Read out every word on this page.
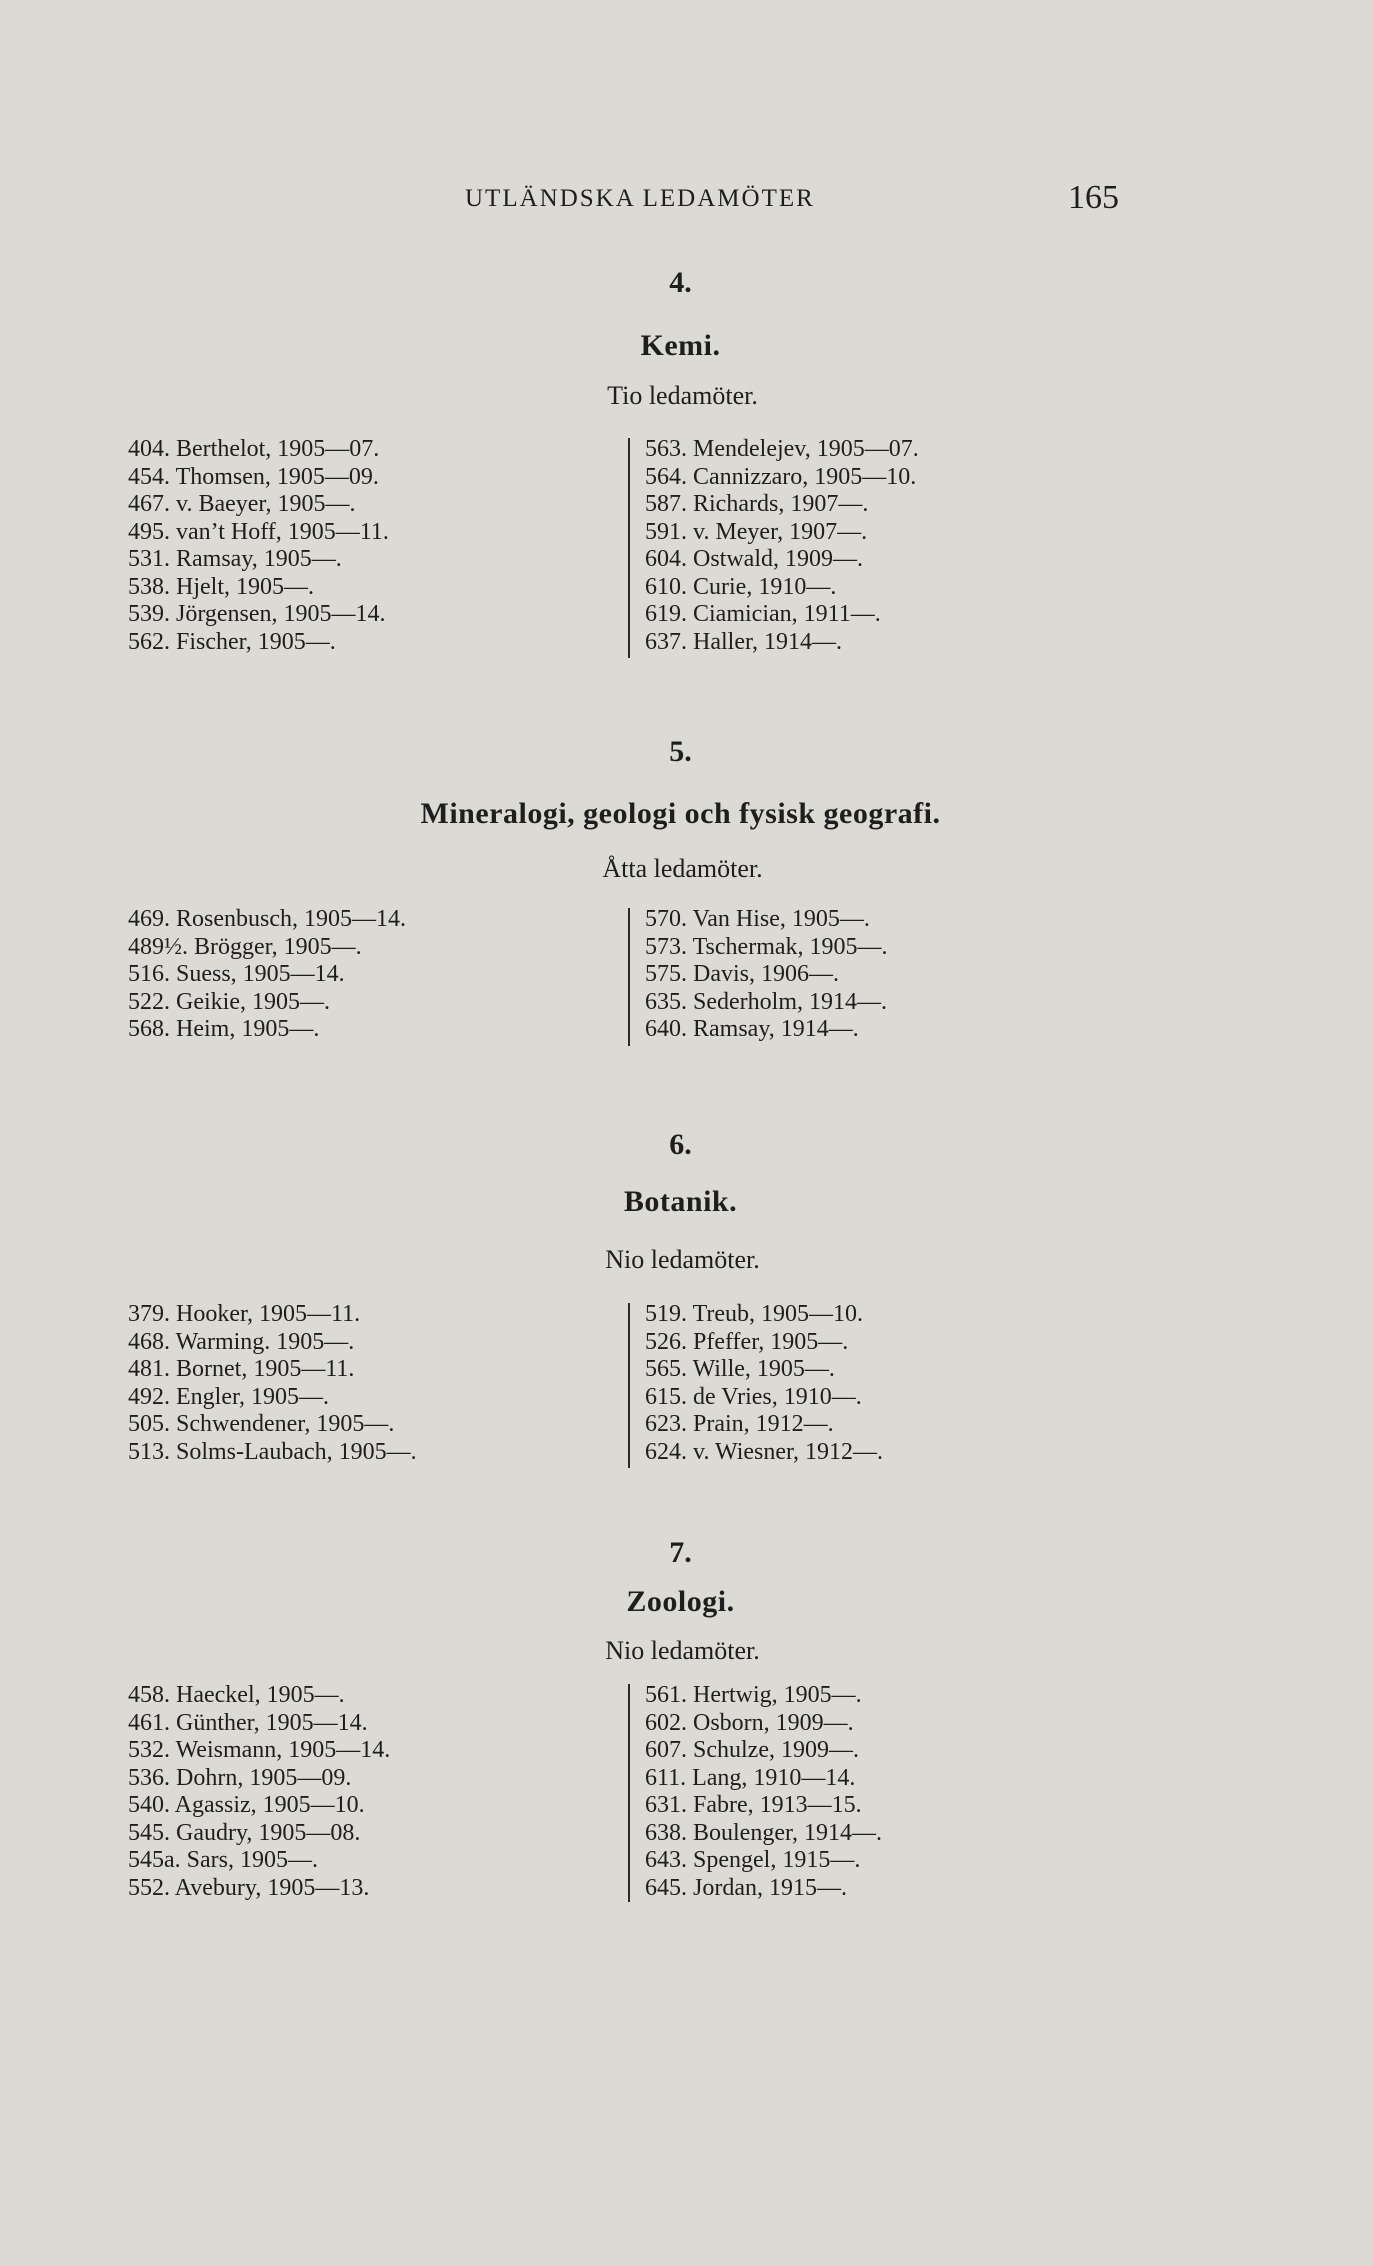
UTLÄNDSKA LEDAMÖTER	165
4.
Kemi.
Tio ledamöter.
404. Berthelot, 1905—07.
454. Thomsen, 1905—09.
467. v. Baeyer, 1905—.
495. van’t Hoff, 1905—11.
531. Ramsay, 1905—.
538. Hjelt, 1905—.
539. Jörgensen, 1905—14.
562. Fischer, 1905—.
563. Mendelejev, 1905—07.
564. Cannizzaro, 1905—10.
587. Richards, 1907—.
591. v. Meyer, 1907—.
604. Ostwald, 1909—.
610. Curie, 1910—.
619. Ciamician, 1911—.
637. Haller, 1914—.
5.
Mineralogi, geologi och fysisk geografi.
Åtta ledamöter.
469. Rosenbusch, 1905—14.
489½. Brögger, 1905—.
516. Suess, 1905—14.
522. Geikie, 1905—.
568. Heim, 1905—.
570. Van Hise, 1905—.
573. Tschermak, 1905—.
575. Davis, 1906—.
635. Sederholm, 1914—.
640. Ramsay, 1914—.
6.
Botanik.
Nio ledamöter.
379. Hooker, 1905—11.
468. Warming. 1905—.
481. Bornet, 1905—11.
492. Engler, 1905—.
505. Schwendener, 1905—.
513. Solms-Laubach, 1905—.
519. Treub, 1905—10.
526. Pfeffer, 1905—.
565. Wille, 1905—.
615. de Vries, 1910—.
623. Prain, 1912—.
624. v. Wiesner, 1912—.
7.
Zoologi.
Nio ledamöter.
458. Haeckel, 1905—.
461. Günther, 1905—14.
532. Weismann, 1905—14.
536. Dohrn, 1905—09.
540. Agassiz, 1905—10.
545. Gaudry, 1905—08.
545a. Sars, 1905—.
552. Avebury, 1905—13.
561. Hertwig, 1905—.
602. Osborn, 1909—.
607. Schulze, 1909—.
611. Lang, 1910—14.
631. Fabre, 1913—15.
638. Boulenger, 1914—.
643. Spengel, 1915—.
645. Jordan, 1915—.
